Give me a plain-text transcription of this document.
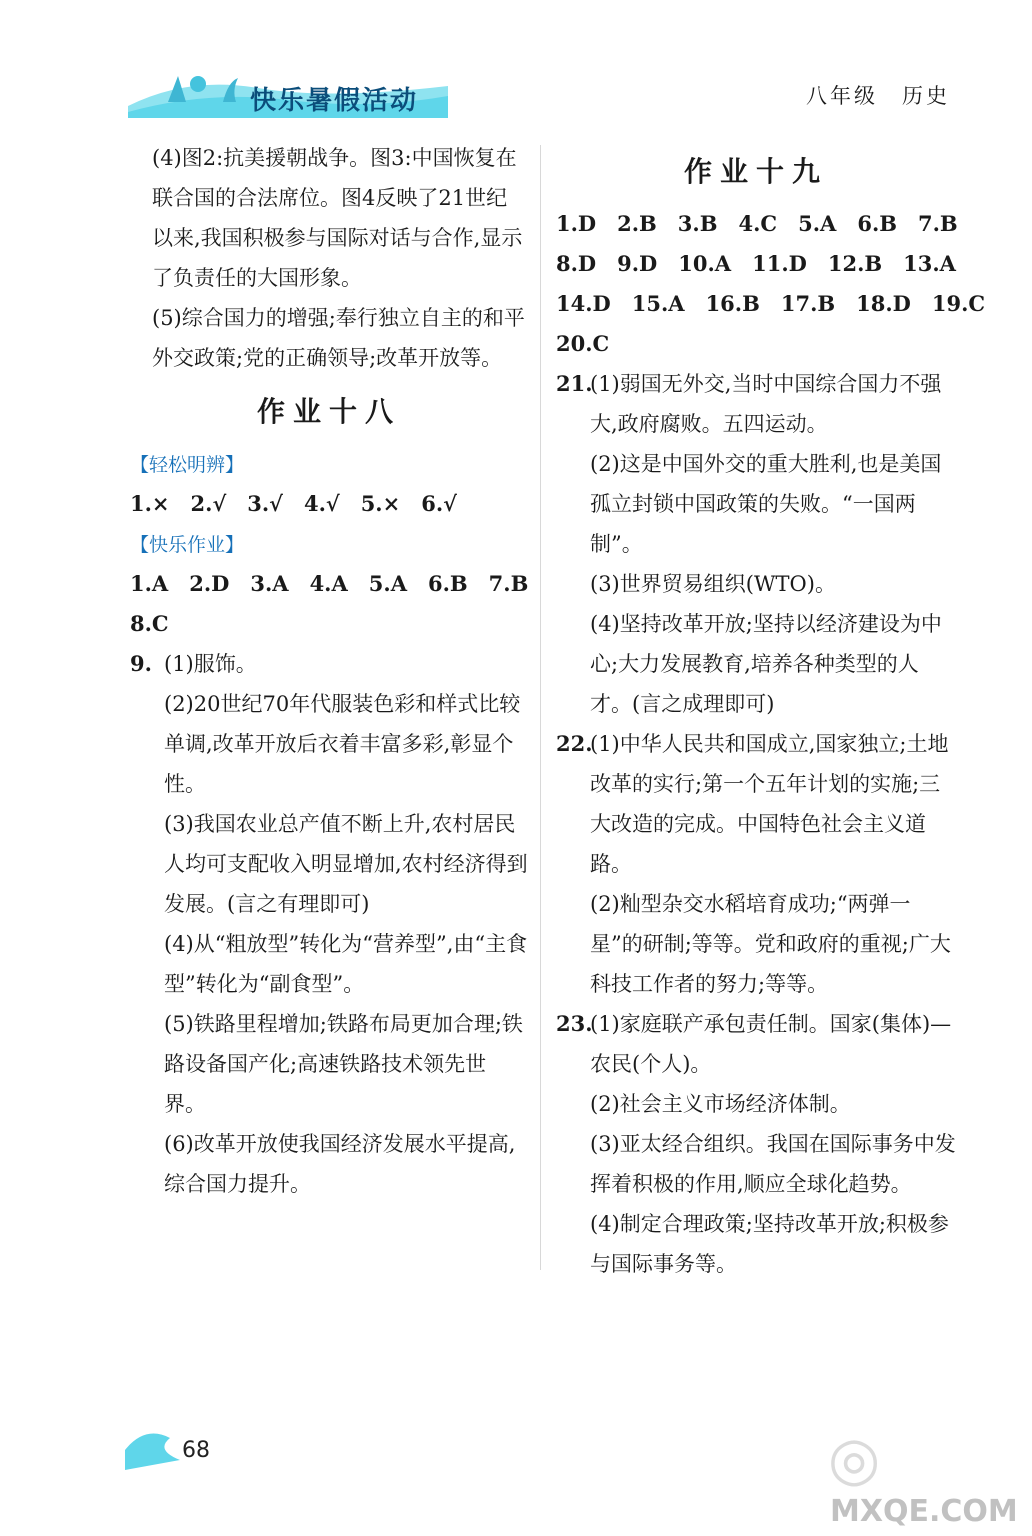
快乐暑假活动	八年级　历史

(4)图2:抗美援朝战争。图3:中国恢复在联合国的合法席位。图4反映了21世纪以来,我国积极参与国际对话与合作,显示了负责任的大国形象。

(5)综合国力的增强;奉行独立自主的和平外交政策;党的正确领导;改革开放等。

作业十八
【轻松明辨】

1.×　2.√　3.√　4.√　5.×　6.√

【快乐作业】

1.A　2.D　3.A　4.A　5.A　6.B　7.B

8.C

9. (1)服饰。

(2)20世纪70年代服装色彩和样式比较单调,改革开放后衣着丰富多彩,彰显个性。

(3)我国农业总产值不断上升,农村居民人均可支配收入明显增加,农村经济得到发展。(言之有理即可)

(4)从“粗放型”转化为“营养型”,由“主食型”转化为“副食型”。

(5)铁路里程增加;铁路布局更加合理;铁路设备国产化;高速铁路技术领先世界。

(6)改革开放使我国经济发展水平提高,综合国力提升。

作业十九

1.D　2.B　3.B　4.C　5.A　6.B　7.B

8.D　9.D　10.A　11.D　12.B　13.A

14.D　15.A　16.B　17.B　18.D　19.C

20.C

21.

(1)弱国无外交,当时中国综合国力不强大,政府腐败。五四运动。

(2)这是中国外交的重大胜利,也是美国孤立封锁中国政策的失败。“一国两制”。

(3)世界贸易组织(WTO)。

(4)坚持改革开放;坚持以经济建设为中心;大力发展教育,培养各种类型的人才。(言之成理即可)

22.

(1)中华人民共和国成立,国家独立;土地改革的实行;第一个五年计划的实施;三大改造的完成。中国特色社会主义道路。

(2)籼型杂交水稻培育成功;“两弹一星”的研制;等等。党和政府的重视;广大科技工作者的努力;等等。

23.

(1)家庭联产承包责任制。国家(集体)—农民(个人)。

(2)社会主义市场经济体制。

(3)亚太经合组织。我国在国际事务中发挥着积极的作用,顺应全球化趋势。

(4)制定合理政策;坚持改革开放;积极参与国际事务等。

68	◎
MXQE.COM
